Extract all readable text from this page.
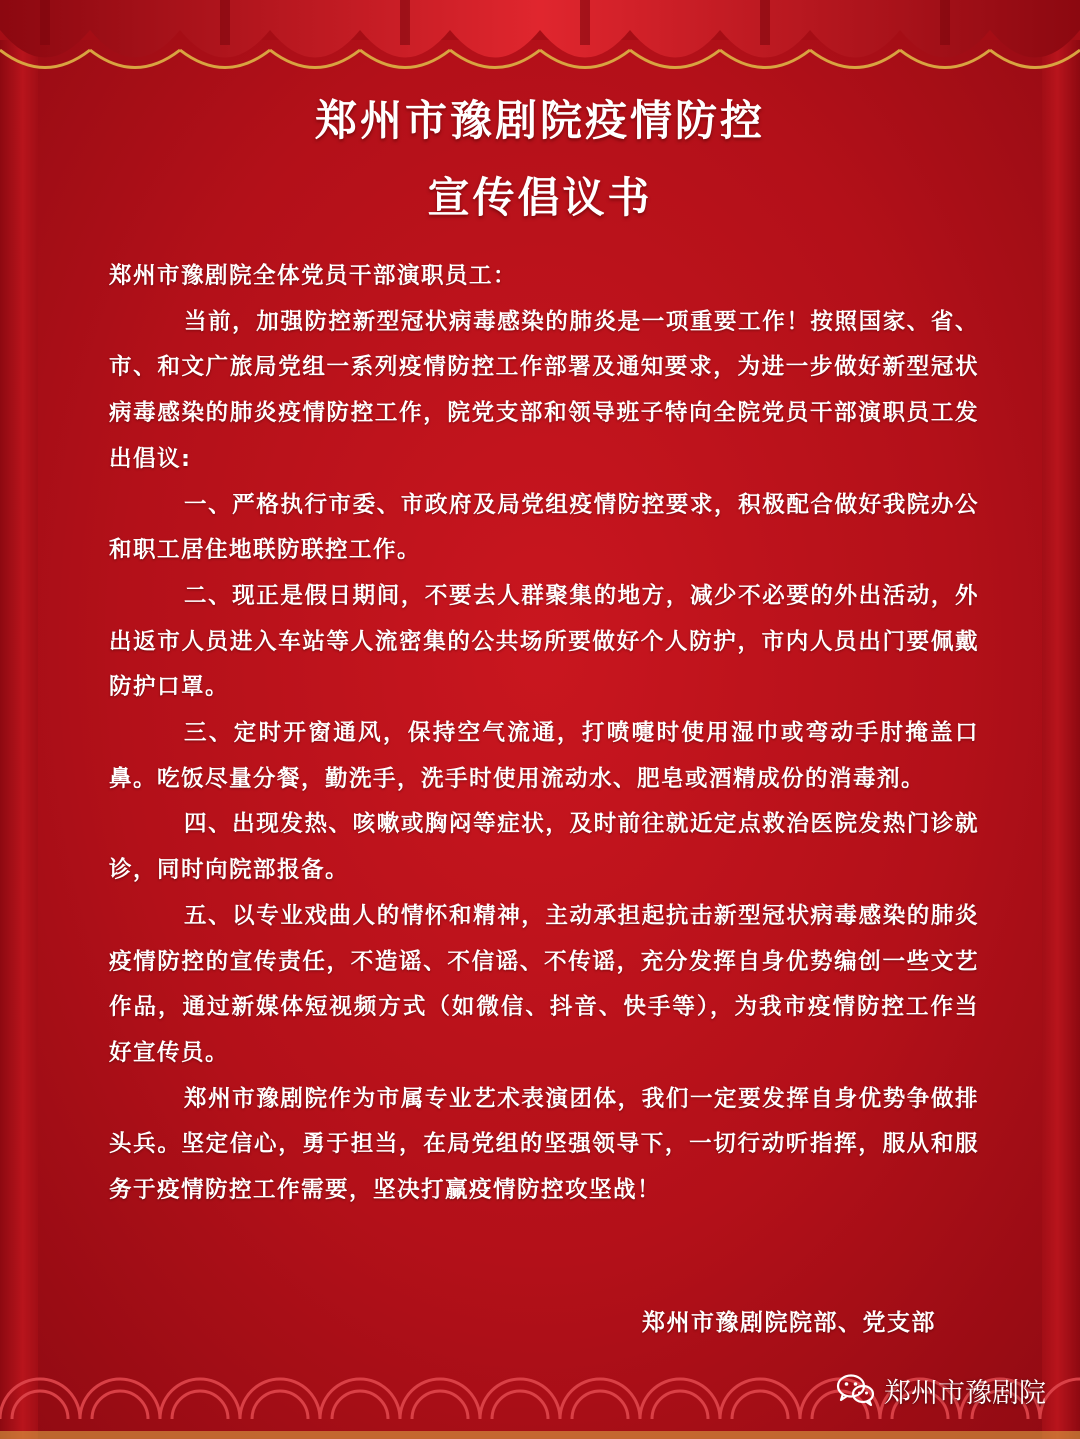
郑州市豫剧院疫情防控
宣传倡议书

郑州市豫剧院全体党员干部演职员工：

当前，加强防控新型冠状病毒感染的肺炎是一项重要工作！按照国家、省、市、和文广旅局党组一系列疫情防控工作部署及通知要求，为进一步做好新型冠状病毒感染的肺炎疫情防控工作，院党支部和领导班子特向全院党员干部演职员工发出倡议:

一、严格执行市委、市政府及局党组疫情防控要求，积极配合做好我院办公和职工居住地联防联控工作。

二、现正是假日期间，不要去人群聚集的地方，减少不必要的外出活动，外出返市人员进入车站等人流密集的公共场所要做好个人防护，市内人员出门要佩戴防护口罩。

三、定时开窗通风，保持空气流通，打喷嚏时使用湿巾或弯动手肘掩盖口鼻。吃饭尽量分餐，勤洗手，洗手时使用流动水、肥皂或酒精成份的消毒剂。

四、出现发热、咳嗽或胸闷等症状，及时前往就近定点救治医院发热门诊就诊，同时向院部报备。

五、以专业戏曲人的情怀和精神，主动承担起抗击新型冠状病毒感染的肺炎疫情防控的宣传责任，不造谣、不信谣、不传谣，充分发挥自身优势编创一些文艺作品，通过新媒体短视频方式（如微信、抖音、快手等），为我市疫情防控工作当好宣传员。

郑州市豫剧院作为市属专业艺术表演团体，我们一定要发挥自身优势争做排头兵。坚定信心，勇于担当，在局党组的坚强领导下，一切行动听指挥，服从和服务于疫情防控工作需要，坚决打赢疫情防控攻坚战！

郑州市豫剧院院部、党支部
郑州市豫剧院
